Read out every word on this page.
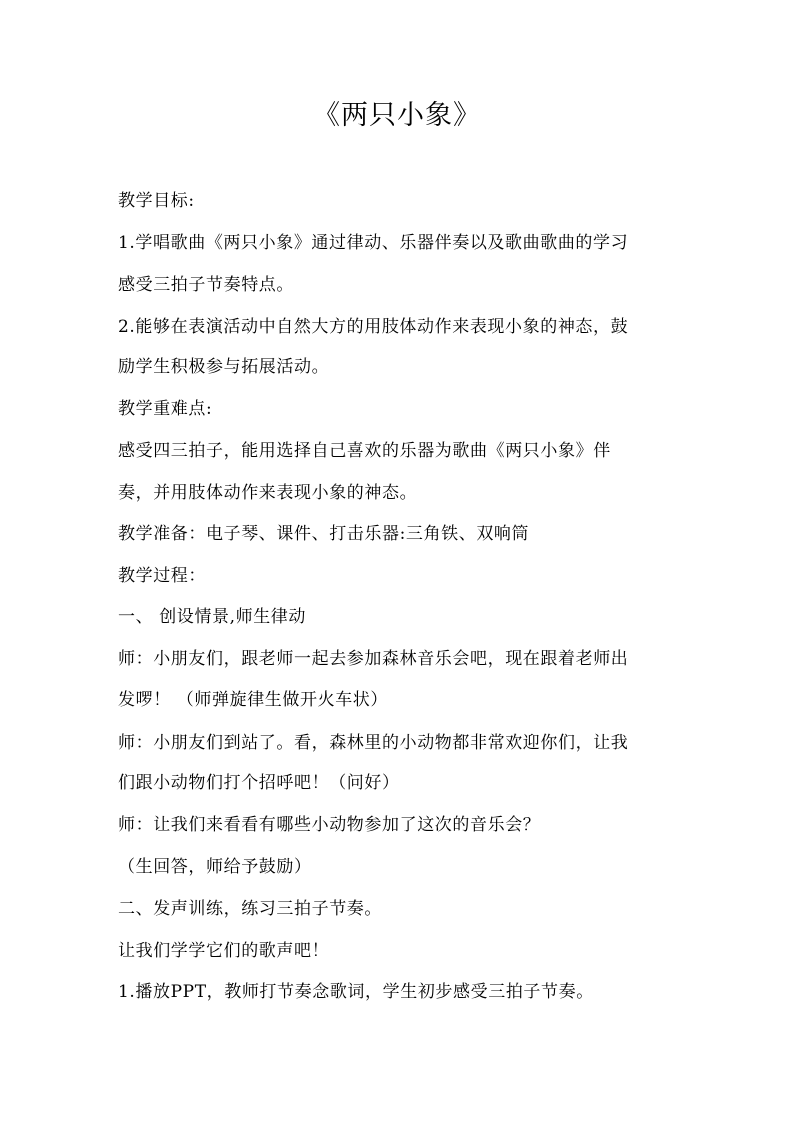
《两只小象》
教学目标:
1.学唱歌曲《两只小象》通过律动、乐器伴奏以及歌曲歌曲的学习
感受三拍子节奏特点。
2.能够在表演活动中自然大方的用肢体动作来表现小象的神态，鼓
励学生积极参与拓展活动。
教学重难点:
感受四三拍子，能用选择自己喜欢的乐器为歌曲《两只小象》伴
奏，并用肢体动作来表现小象的神态。
教学准备：电子琴、课件、打击乐器:三角铁、双响筒
教学过程：
一、 创设情景,师生律动
师：小朋友们，跟老师一起去参加森林音乐会吧，现在跟着老师出
发啰！ （师弹旋律生做开火车状）
师：小朋友们到站了。看，森林里的小动物都非常欢迎你们，让我
们跟小动物们打个招呼吧！（问好）
师：让我们来看看有哪些小动物参加了这次的音乐会？
（生回答，师给予鼓励）
二、发声训练，练习三拍子节奏。
让我们学学它们的歌声吧！
1.播放PPT，教师打节奏念歌词，学生初步感受三拍子节奏。
